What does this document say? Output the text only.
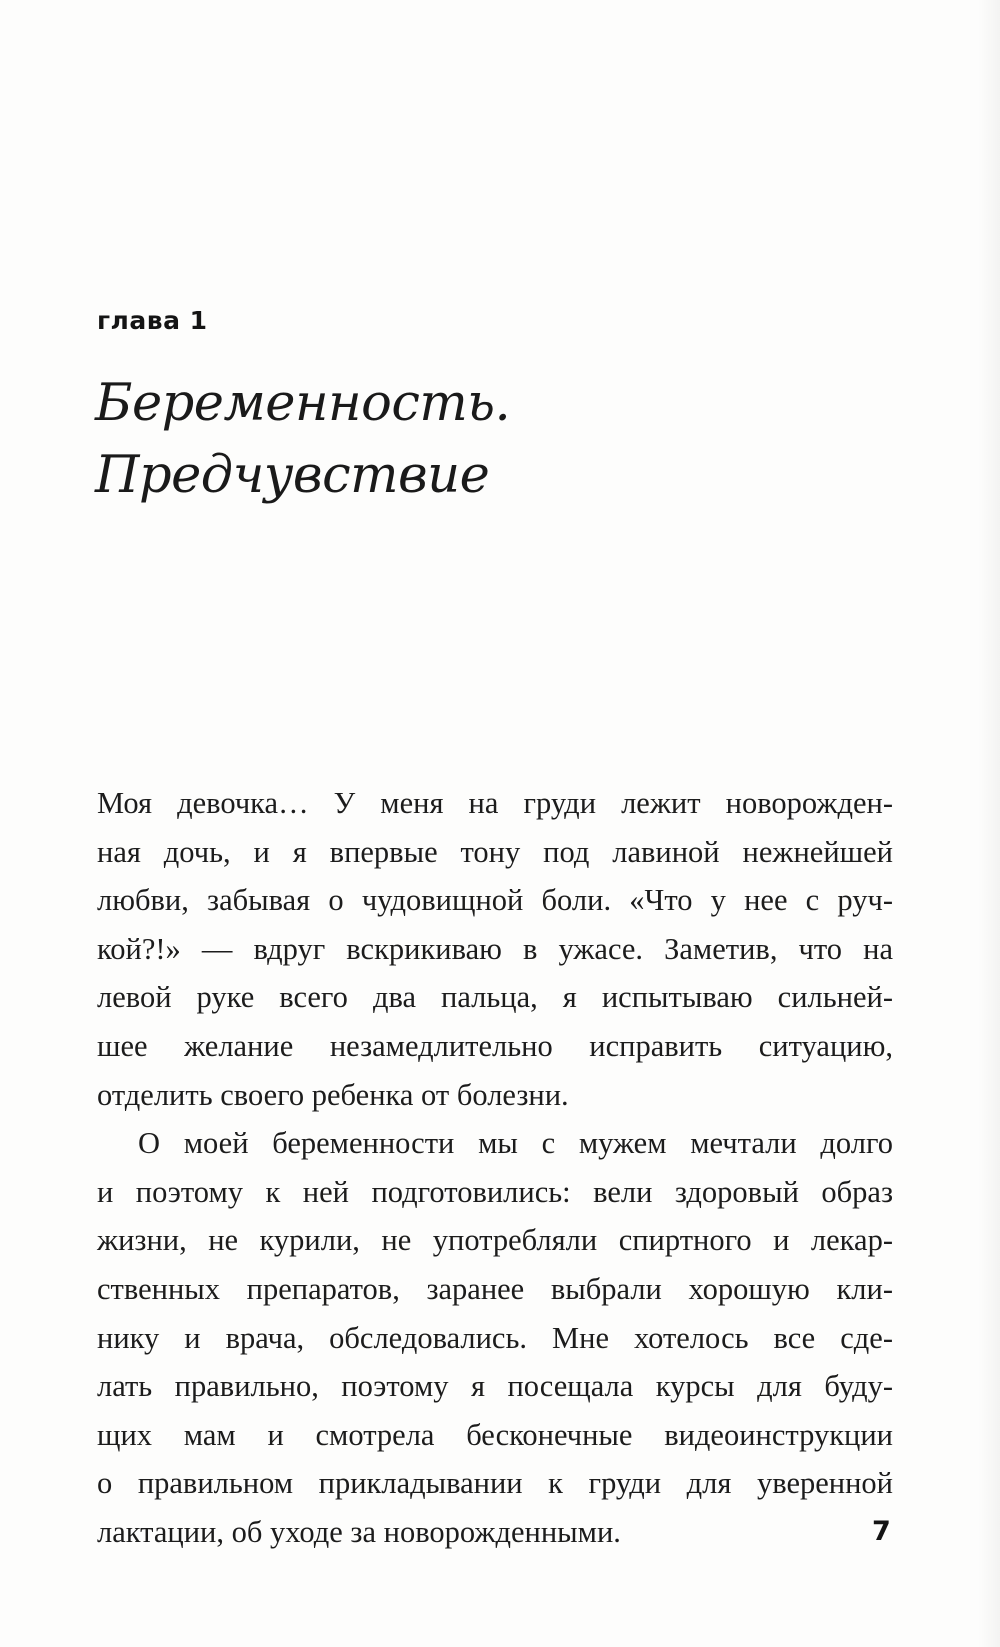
глава 1
Беременность.
Предчувствие
Моя девочка… У меня на груди лежит новорожден-
ная дочь, и я впервые тону под лавиной нежнейшей
любви, забывая о чудовищной боли. «Что у нее с руч-
кой?!» — вдруг вскрикиваю в ужасе. Заметив, что на
левой руке всего два пальца, я испытываю сильней-
шее желание незамедлительно исправить ситуацию,
отделить своего ребенка от болезни.
О моей беременности мы с мужем мечтали долго
и поэтому к ней подготовились: вели здоровый образ
жизни, не курили, не употребляли спиртного и лекар-
ственных препаратов, заранее выбрали хорошую кли-
нику и врача, обследовались. Мне хотелось все сде-
лать правильно, поэтому я посещала курсы для буду-
щих мам и смотрела бесконечные видеоинструкции
о правильном прикладывании к груди для уверенной
лактации, об уходе за новорожденными.	7
